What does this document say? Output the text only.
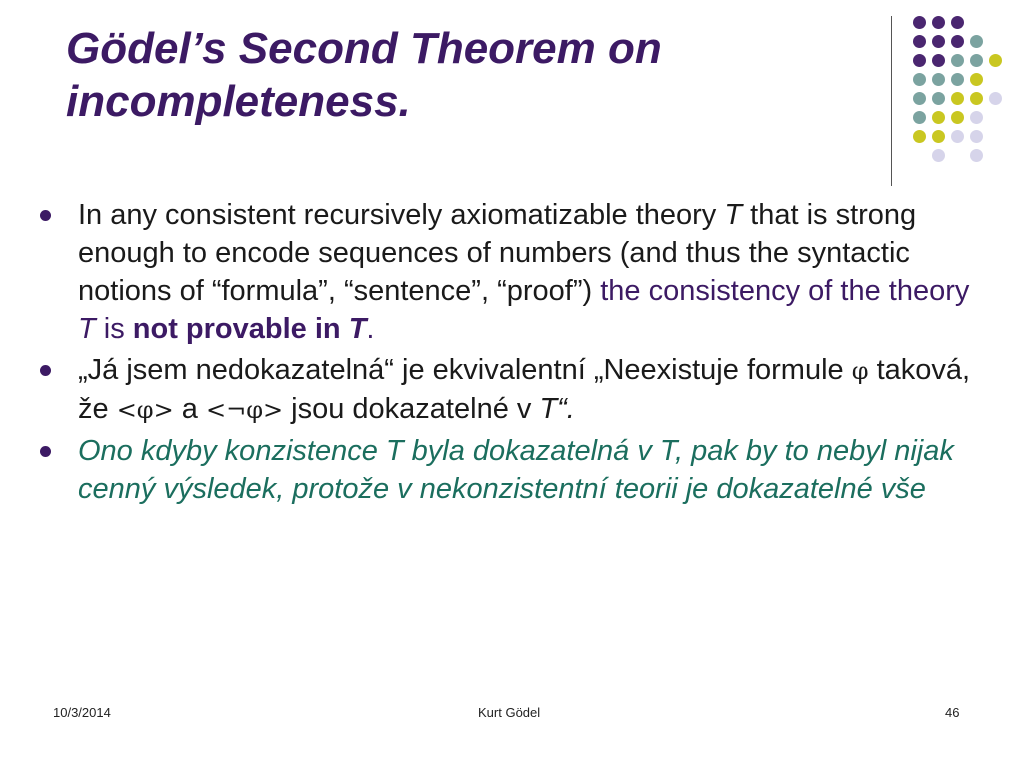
Gödel’s Second Theorem on incompleteness.
In any consistent recursively axiomatizable theory T that is strong enough to encode sequences of numbers (and thus the syntactic notions of “formula”, “sentence”, “proof”) the consistency of the theory T is not provable in T.
„Já jsem nedokazatelná“ je ekvivalentní „Neexistuje formule φ taková, že <φ> a <¬φ> jsou dokazatelné v T“.
Ono kdyby konzistence T byla dokazatelná v T, pak by to nebyl nijak cenný výsledek, protože v nekonzistentní teorii je dokazatelné vše
10/3/2014	Kurt Gödel	46
